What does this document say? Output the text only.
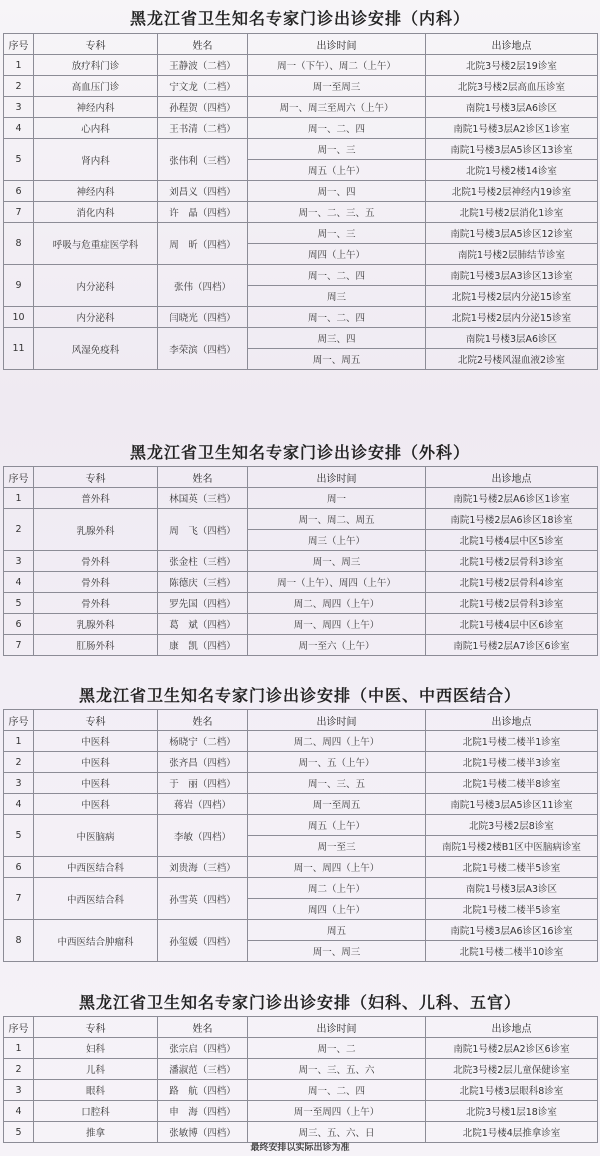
黑龙江省卫生知名专家门诊出诊安排（内科）
序号	专科	姓名	出诊时间	出诊地点
1	放疗科门诊	王静波（二档）	周一（下午）、周二（上午）	北院3号楼2层19诊室
2	高血压门诊	宁文龙（二档）	周一至周三	北院3号楼2层高血压诊室
3	神经内科	孙程贺（四档）	周一、周三至周六（上午）	南院1号楼3层A6诊区
4	心内科	王书清（二档）	周一、二、四	南院1号楼3层A2诊区1诊室
5	肾内科	张伟利（三档）	周一、三	南院1号楼3层A5诊区13诊室
			周五（上午）	北院1号楼2楼14诊室
6	神经内科	刘昌义（四档）	周一、四	北院1号楼2层神经内19诊室
7	消化内科	许　晶（四档）	周一、二、三、五	北院1号楼2层消化1诊室
8	呼吸与危重症医学科	周　昕（四档）	周一、三	南院1号楼3层A5诊区12诊室
			周四（上午）	南院1号楼2层肺结节诊室
9	内分泌科	张伟（四档）	周一、二、四	南院1号楼3层A3诊区13诊室
			周三	北院1号楼2层内分泌15诊室
10	内分泌科	闫晓光（四档）	周一、二、四	北院1号楼2层内分泌15诊室
11	风湿免疫科	李荣滨（四档）	周三、四	南院1号楼3层A6诊区
			周一、周五	北院2号楼风湿血液2诊室
黑龙江省卫生知名专家门诊出诊安排（外科）
序号	专科	姓名	出诊时间	出诊地点
1	普外科	林国英（三档）	周一	南院1号楼2层A6诊区1诊室
2	乳腺外科	周　飞（四档）	周一、周二、周五	南院1号楼2层A6诊区18诊室
			周三（上午）	北院1号楼4层中区5诊室
3	骨外科	张金柱（三档）	周一、周三	北院1号楼2层骨科3诊室
4	骨外科	陈德庆（三档）	周一（上午）、周四（上午）	北院1号楼2层骨科4诊室
5	骨外科	罗先国（四档）	周二、周四（上午）	北院1号楼2层骨科3诊室
6	乳腺外科	葛　斌（四档）	周一、周四（上午）	北院1号楼4层中区6诊室
7	肛肠外科	康　凯（四档）	周一至六（上午）	南院1号楼2层A7诊区6诊室
黑龙江省卫生知名专家门诊出诊安排（中医、中西医结合）
序号	专科	姓名	出诊时间	出诊地点
1	中医科	杨晓宁（二档）	周二、周四（上午）	北院1号楼二楼半1诊室
2	中医科	张齐昌（四档）	周一、五（上午）	北院1号楼二楼半3诊室
3	中医科	于　丽（四档）	周一、三、五	北院1号楼二楼半8诊室
4	中医科	蒋岩（四档）	周一至周五	南院1号楼3层A5诊区11诊室
5	中医脑病	李敏（四档）	周五（上午）	北院3号楼2层8诊室
			周一至三	南院1号楼2楼B1区中医脑病诊室
6	中西医结合科	刘贵海（三档）	周一、周四（上午）	北院1号楼二楼半5诊室
7	中西医结合科	孙雪英（四档）	周二（上午）	南院1号楼3层A3诊区
			周四（上午）	北院1号楼二楼半5诊室
8	中西医结合肿瘤科	孙玺媛（四档）	周五	南院1号楼3层A6诊区16诊室
			周一、周三	北院1号楼二楼半10诊室
黑龙江省卫生知名专家门诊出诊安排（妇科、儿科、五官）
序号	专科	姓名	出诊时间	出诊地点
1	妇科	张宗启（四档）	周一、二	南院1号楼2层A2诊区6诊室
2	儿科	潘淑范（三档）	周一、三、五、六	北院3号楼2层儿童保健诊室
3	眼科	路　航（四档）	周一、二、四	北院1号楼3层眼科8诊室
4	口腔科	申　海（四档）	周一至周四（上午）	北院3号楼1层18诊室
5	推拿	张敏博（四档）	周三、五、六、日	北院1号楼4层推拿诊室
最终安排以实际出诊为准
